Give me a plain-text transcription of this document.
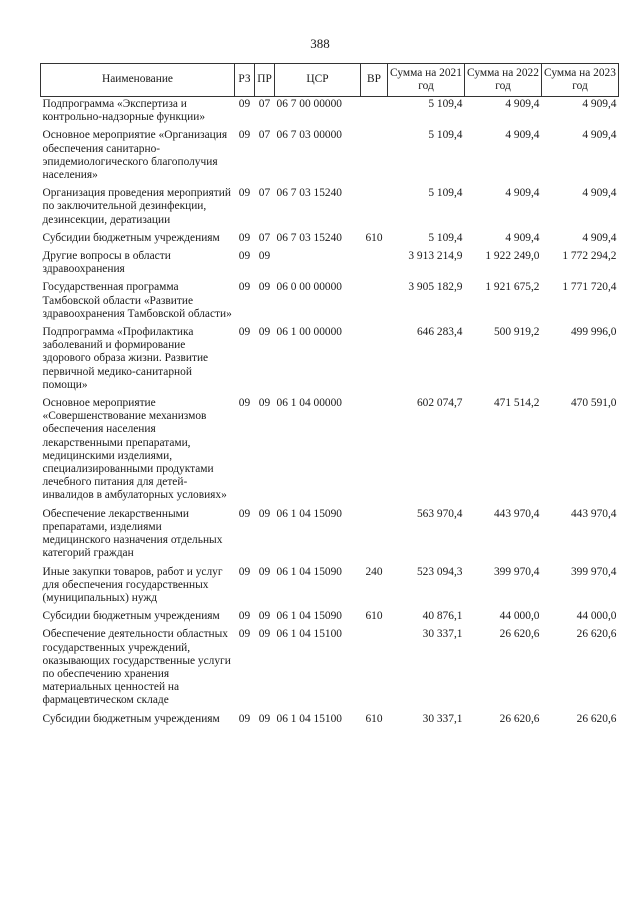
388
Наименование	РЗ	ПР	ЦСР	ВР	Сумма на 2021 год	Сумма на 2022 год	Сумма на 2023 год
Подпрограмма «Экспертиза и контрольно-надзорные функции»	09	07	06 7 00 00000		5 109,4	4 909,4	4 909,4
Основное мероприятие «Организация обеспечения санитарно-эпидемиологического благополучия населения»	09	07	06 7 03 00000		5 109,4	4 909,4	4 909,4
Организация проведения мероприятий по заключительной дезинфекции, дезинсекции, дератизации	09	07	06 7 03 15240		5 109,4	4 909,4	4 909,4
Субсидии бюджетным учреждениям	09	07	06 7 03 15240	610	5 109,4	4 909,4	4 909,4
Другие вопросы в области здравоохранения	09	09			3 913 214,9	1 922 249,0	1 772 294,2
Государственная программа Тамбовской области «Развитие здравоохранения Тамбовской области»	09	09	06 0 00 00000		3 905 182,9	1 921 675,2	1 771 720,4
Подпрограмма «Профилактика заболеваний и формирование здорового образа жизни. Развитие первичной медико-санитарной помощи»	09	09	06 1 00 00000		646 283,4	500 919,2	499 996,0
Основное мероприятие «Совершенствование механизмов обеспечения населения лекарственными препаратами, медицинскими изделиями, специализированными продуктами лечебного питания для детей-инвалидов в амбулаторных условиях»	09	09	06 1 04 00000		602 074,7	471 514,2	470 591,0
Обеспечение лекарственными препаратами, изделиями медицинского назначения отдельных категорий граждан	09	09	06 1 04 15090		563 970,4	443 970,4	443 970,4
Иные закупки товаров, работ и услуг для обеспечения государственных (муниципальных) нужд	09	09	06 1 04 15090	240	523 094,3	399 970,4	399 970,4
Субсидии бюджетным учреждениям	09	09	06 1 04 15090	610	40 876,1	44 000,0	44 000,0
Обеспечение деятельности областных государственных учреждений, оказывающих государственные услуги по обеспечению хранения материальных ценностей на фармацевтическом складе	09	09	06 1 04 15100		30 337,1	26 620,6	26 620,6
Субсидии бюджетным учреждениям	09	09	06 1 04 15100	610	30 337,1	26 620,6	26 620,6
